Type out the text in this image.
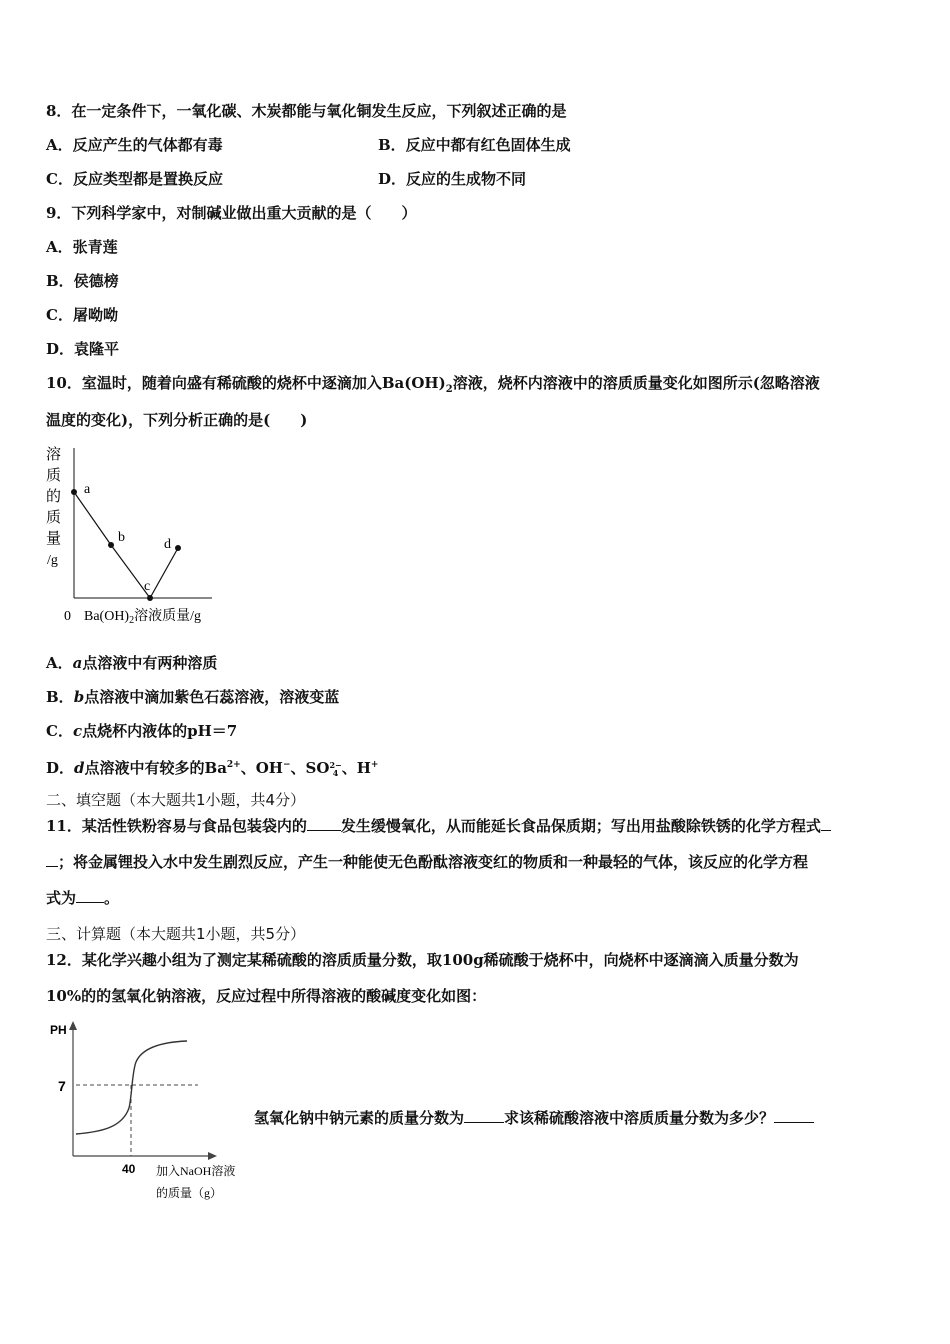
8．在一定条件下，一氧化碳、木炭都能与氧化铜发生反应，下列叙述正确的是
A．反应产生的气体都有毒	B．反应中都有红色固体生成
C．反应类型都是置换反应	D．反应的生成物不同
9．下列科学家中，对制碱业做出重大贡献的是（　　）
A．张青莲
B．侯德榜
C．屠呦呦
D．袁隆平
10．室温时，随着向盛有稀硫酸的烧杯中逐滴加入$Ba(OH)_2$溶液，烧杯内溶液中的溶质质量变化如图所示(忽略溶液
温度的变化)，下列分析正确的是(　　)
溶
质
的
质
量
/g
a
b
c
d
0 $Ba(OH)_2$溶液质量/g
A．a点溶液中有两种溶质
B．b点溶液中滴加紫色石蕊溶液，溶液变蓝
C．c点烧杯内液体的pH＝7
D．d点溶液中有较多的$Ba^{2+}$、OH−、SO2−
4 、H+
二、填空题（本大题共1小题，共4分）
11．某活性铁粉容易与食品包装袋内的 发生缓慢氧化，从而能延长食品保质期；写出用盐酸除铁锈的化学方程式
；将金属锂投入水中发生剧烈反应，产生一种能使无色酚酞溶液变红的物质和一种最轻的气体，该反应的化学方程
式为 。
三、计算题（本大题共1小题，共5分）
12．某化学兴趣小组为了测定某稀硫酸的溶质质量分数，取100g稀硫酸于烧杯中，向烧杯中逐滴滴入质量分数为
10%的的氢氧化钠溶液，反应过程中所得溶液的酸碱度变化如图：
PH
7
40 加入NaOH溶液
的质量（g）
氢氧化钠中钠元素的质量分数为	求该稀硫酸溶液中溶质质量分数为多少？
